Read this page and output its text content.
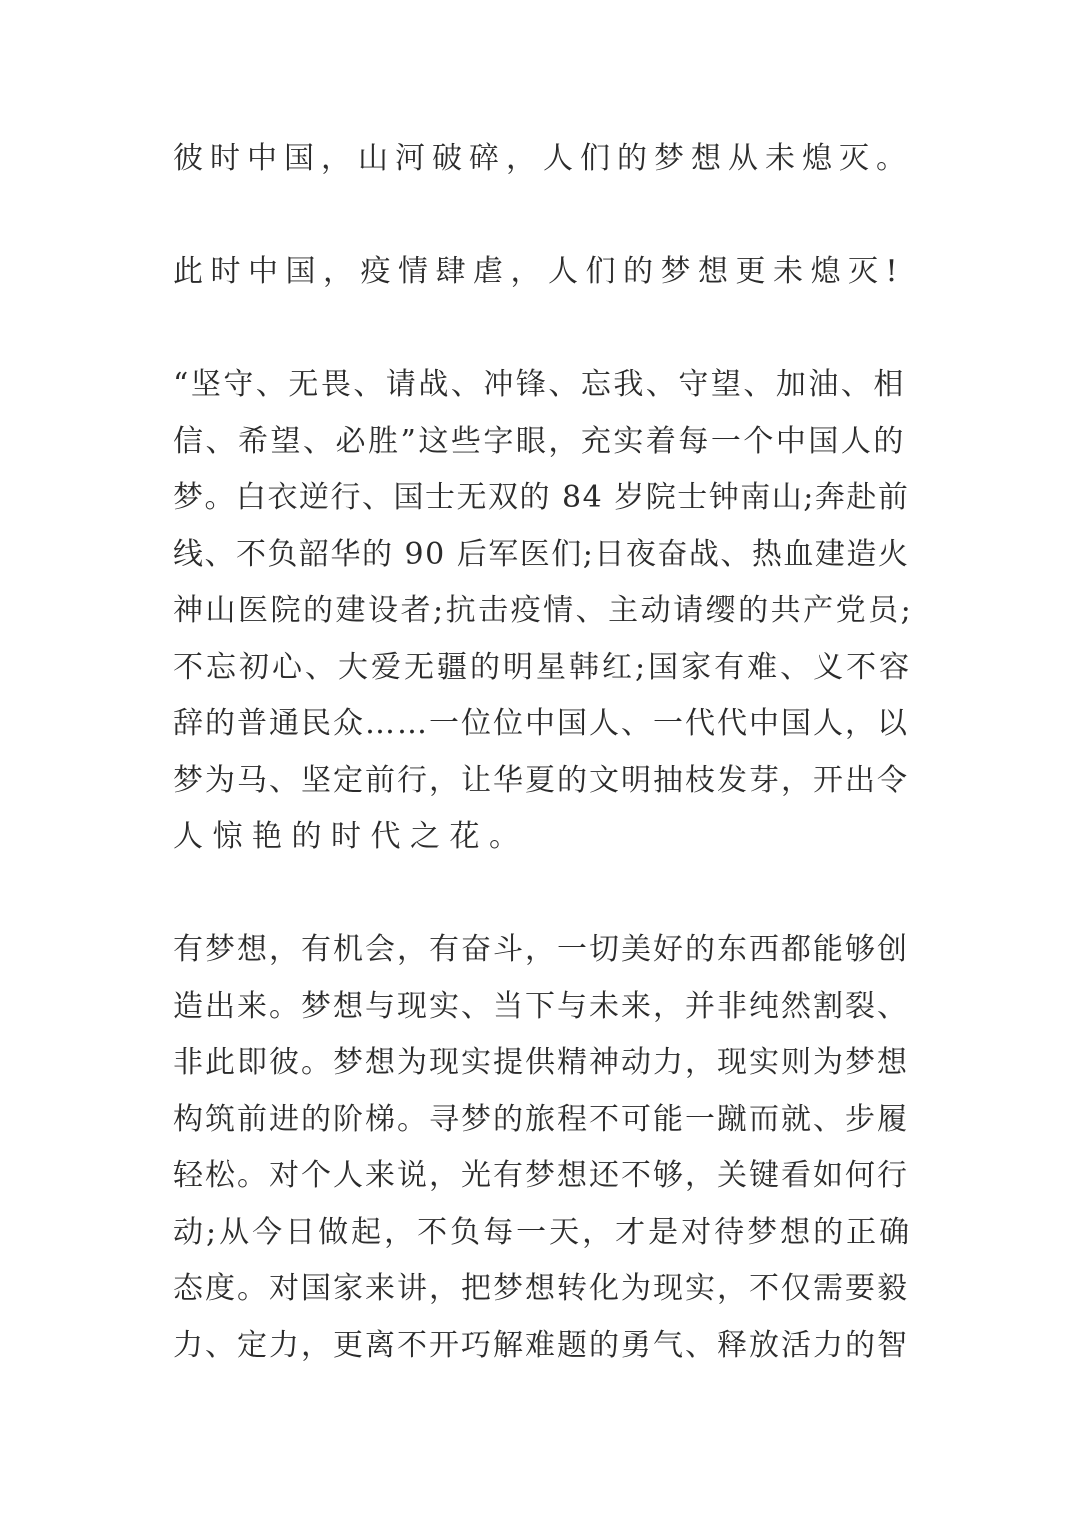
彼时中国，山河破碎，人们的梦想从未熄灭。

此时中国，疫情肆虐，人们的梦想更未熄灭!

“坚守、无畏、请战、冲锋、忘我、守望、加油、相
信、希望、必胜”这些字眼，充实着每一个中国人的
梦。白衣逆行、国士无双的 84 岁院士钟南山;奔赴前
线、不负韶华的 90 后军医们;日夜奋战、热血建造火
神山医院的建设者;抗击疫情、主动请缨的共产党员;
不忘初心、大爱无疆的明星韩红;国家有难、义不容
辞的普通民众……一位位中国人、一代代中国人，以
梦为马、坚定前行，让华夏的文明抽枝发芽，开出令
人惊艳的时代之花。

有梦想，有机会，有奋斗，一切美好的东西都能够创
造出来。梦想与现实、当下与未来，并非纯然割裂、
非此即彼。梦想为现实提供精神动力，现实则为梦想
构筑前进的阶梯。寻梦的旅程不可能一蹴而就、步履
轻松。对个人来说，光有梦想还不够，关键看如何行
动;从今日做起，不负每一天，才是对待梦想的正确
态度。对国家来讲，把梦想转化为现实，不仅需要毅
力、定力，更离不开巧解难题的勇气、释放活力的智
